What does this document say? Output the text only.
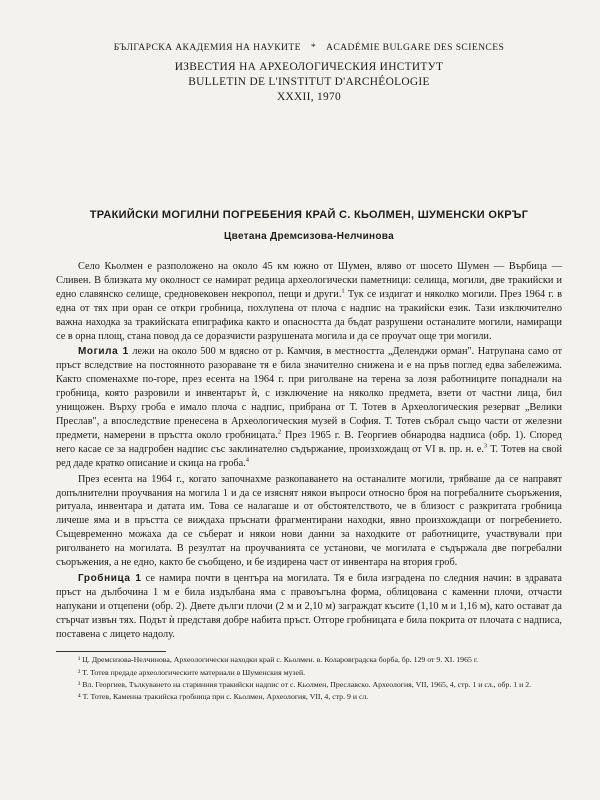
БЪЛГАРСКА АКАДЕМИЯ НА НАУКИТЕ * ACADÉMIE BULGARE DES SCIENCES
ИЗВЕСТИЯ НА АРХЕОЛОГИЧЕСКИЯ ИНСТИТУТ
BULLETIN DE L'INSTITUT D'ARCHÉOLOGIE
XXXII, 1970
ТРАКИЙСКИ МОГИЛНИ ПОГРЕБЕНИЯ КРАЙ С. КЬОЛМЕН, ШУМЕНСКИ ОКРЪГ
Цветана Дремсизова-Нелчинова

Село Кьолмен е разположено на около 45 км южно от Шумен, вляво от шосето Шумен — Върбица — Сливен. В близката му околност се намират редица археологически паметници: селища, могили, две тракийски и едно славянско селище, средновековен некропол, пещи и други.$^1$ Тук се издигат и няколко могили. През 1964 г. в една от тях при оран се откри гробница, похлупена от плоча с надпис на тракийски език. Тази изключително важна находка за тракийската епиграфика както и опасността да бъдат разрушени останалите могили, намиращи се в орна площ, стана повод да се доразчисти разрушената могила и да се проучат още три могили.

Могила 1 лежи на около 500 м вдясно от р. Камчия, в местността „Деленджи орман". Натрупана само от пръст вследствие на постоянното разораване тя е била значително снижена и е на пръв поглед едва забележима. Както споменахме по-горе, през есента на 1964 г. при риголване на терена за лозя работниците попаднали на гробница, която разровили и инвентарът ѝ, с изключение на няколко предмета, взети от частни лица, бил унищожен. Върху гроба е имало плоча с надпис, прибрана от Т. Тотев в Археологическия резерват „Велики Преслав", а впоследствие пренесена в Археологическия музей в София. Т. Тотев събрал също части от железни предмети, намерени в пръстта около гробницата.$^2$ През 1965 г. В. Георгиев обнародва надписа (обр. 1). Според него касае се за надгробен надпис със заклинателно съдържание, произхождащ от VI в. пр. н. е.$^3$ Т. Тотев на свой ред даде кратко описание и скица на гроба.$^4$

През есента на 1964 г., когато започнахме разкопаването на останалите могили, трябваше да се направят допълнителни проучвания на могила 1 и да се изяснят някои въпроси относно броя на погребалните съоръжения, ритуала, инвентара и датата им. Това се налагаше и от обстоятелството, че в близост с разкритата гробница личеше яма и в пръстта се виждаха пръснати фрагментирани находки, явно произхождащи от погребението. Същевременно можаха да се съберат и някои нови данни за находките от работниците, участвували при риголването на могилата. В резултат на проучванията се установи, че могилата е съдържала две погребални съоръжения, а не едно, както бе съобщено, и бе издирена част от инвентара на втория гроб.

Гробница 1 се намира почти в центъра на могилата. Тя е била изградена по следния начин: в здравата пръст на дълбочина 1 м е била издълбана яма с правоъгълна форма, облицована с каменни плочи, отчасти напукани и отцепени (обр. 2). Двете дълги плочи (2 м и 2,10 м) заграждат късите (1,10 м и 1,16 м), като остават да стърчат извън тях. Подът ѝ представя добре набита пръст. Отгоре гробницата е била покрита от плочата с надписа, поставена с лицето надолу.

¹ Ц. Дремсизова-Нелчинова, Археологически находки край с. Кьолмен. в. Коларовградска борба, бр. 129 от 9. XI. 1965 г.

² Т. Тотев предаде археологическите материали в Шуменския музей.

³ Вл. Георгиев, Тълкуването на старинния тракийски надпис от с. Кьолмен, Преславско. Археология, VII, 1965, 4, стр. 1 и сл., обр. 1 и 2.

⁴ Т. Тотев, Каменна тракийска гробница при с. Кьолмен, Археология, VII, 4, стр. 9 и сл.
